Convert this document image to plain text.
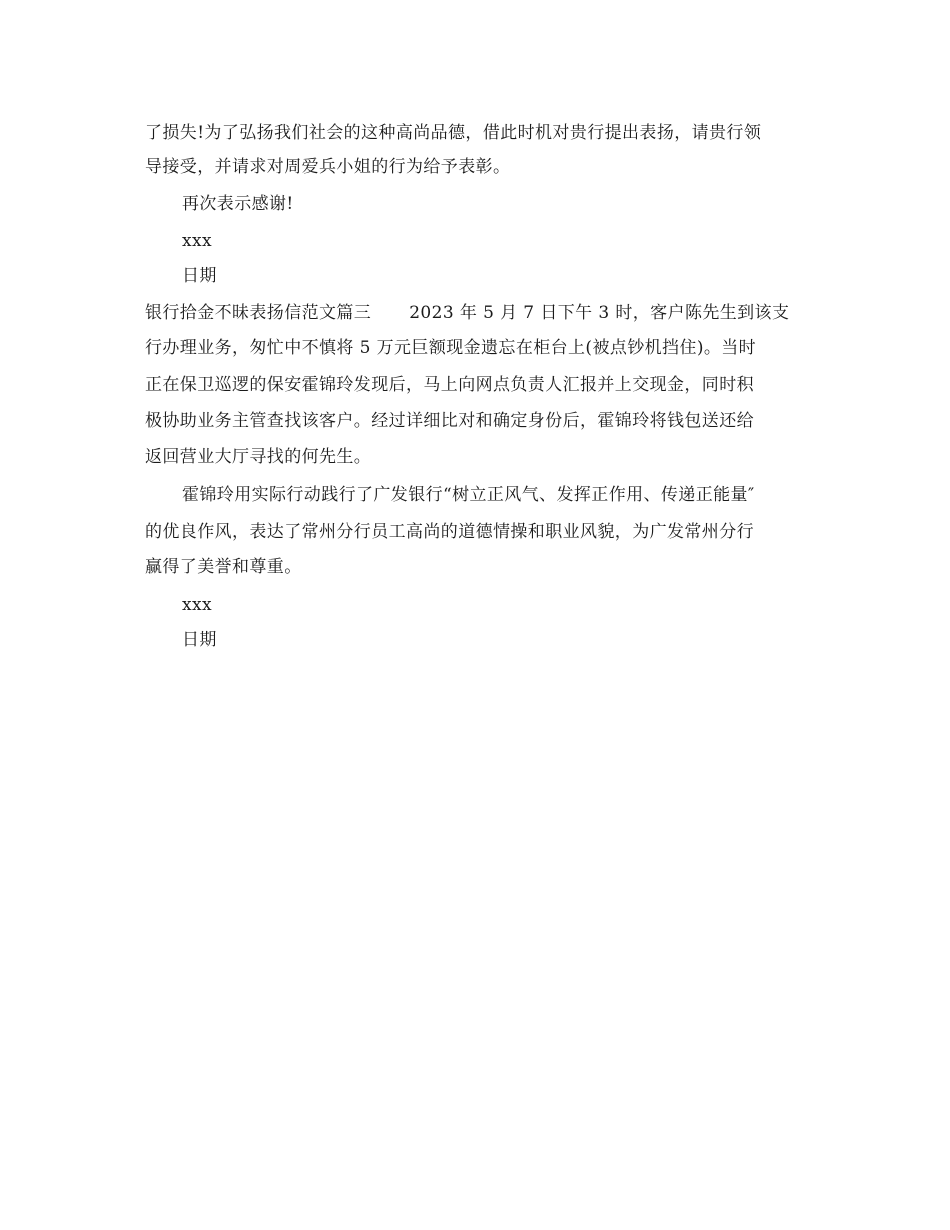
了损失!为了弘扬我们社会的这种高尚品德，借此时机对贵行提出表扬，请贵行领
导接受，并请求对周爱兵小姐的行为给予表彰。
再次表示感谢!
xxx
日期
银行拾金不昧表扬信范文篇三 2023 年 5 月 7 日下午 3 时，客户陈先生到该支
行办理业务，匆忙中不慎将 5 万元巨额现金遗忘在柜台上(被点钞机挡住)。当时
正在保卫巡逻的保安霍锦玲发现后，马上向网点负责人汇报并上交现金，同时积
极协助业务主管查找该客户。经过详细比对和确定身份后，霍锦玲将钱包送还给
返回营业大厅寻找的何先生。
霍锦玲用实际行动践行了广发银行“树立正风气、发挥正作用、传递正能量″
的优良作风，表达了常州分行员工高尚的道德情操和职业风貌，为广发常州分行
赢得了美誉和尊重。
xxx
日期
